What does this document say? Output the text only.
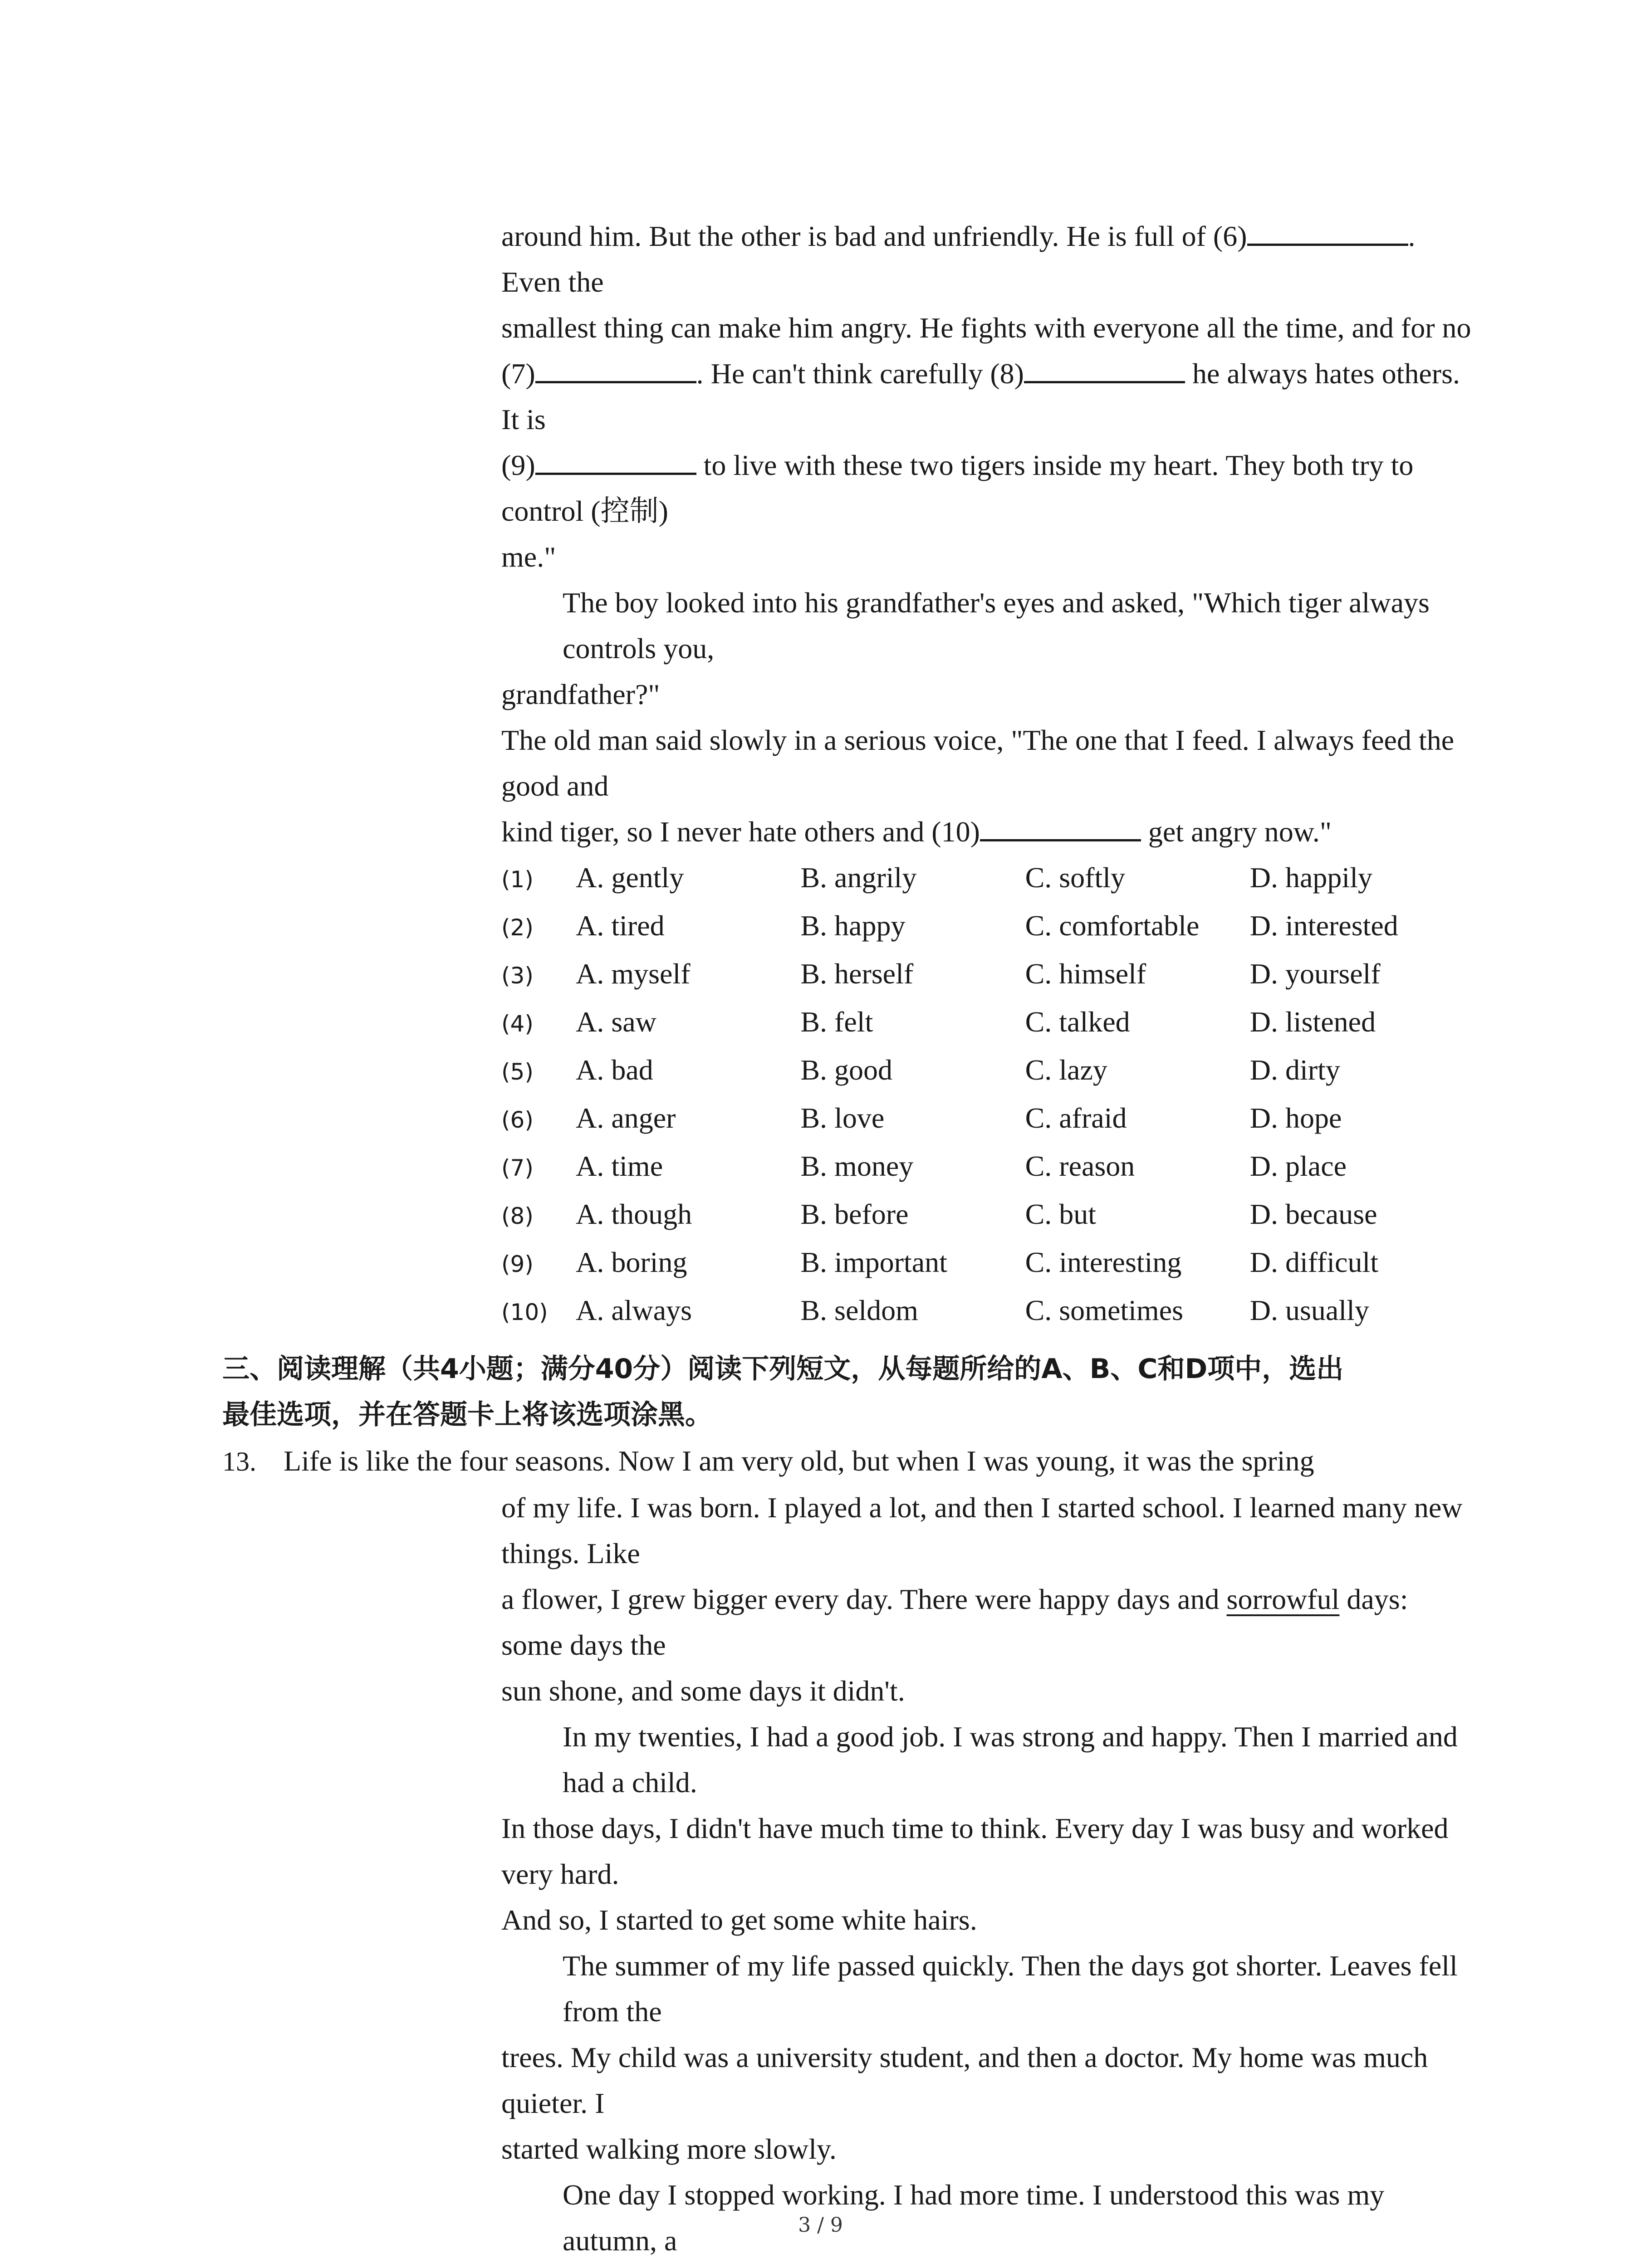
around him. But the other is bad and unfriendly. He is full of (6)	. Even the

smallest thing can make him angry. He fights with everyone all the time, and for no

(7)	. He can't think carefully (8)	he always hates others. It is

(9)	to live with these two tigers inside my heart. They both try to control (控制)

me."

The boy looked into his grandfather's eyes and asked, "Which tiger always controls you,

grandfather?"

The old man said slowly in a serious voice, "The one that I feed. I always feed the good and

kind tiger, so I never hate others and (10)	get angry now."

(1)	A. gently	B. angrily	C. softly	D. happily
(2)	A. tired	B. happy	C. comfortable	D. interested
(3)	A. myself	B. herself	C. himself	D. yourself
(4)	A. saw	B. felt	C. talked	D. listened
(5)	A. bad	B. good	C. lazy	D. dirty
(6)	A. anger	B. love	C. afraid	D. hope
(7)	A. time	B. money	C. reason	D. place
(8)	A. though	B. before	C. but	D. because
(9)	A. boring	B. important	C. interesting	D. difficult
(10) A. always	B. seldom	C. sometimes	D. usually
三、阅读理解（共4小题；满分40分）阅读下列短文，从每题所给的A、B、C和D项中，选出
最佳选项，并在答题卡上将该选项涂黑。

13. Life is like the four seasons. Now I am very old, but when I was young, it was the spring

of my life. I was born. I played a lot, and then I started school. I learned many new things. Like

a flower, I grew bigger every day. There were happy days and sorrowful days: some days the

sun shone, and some days it didn't.

In my twenties, I had a good job. I was strong and happy. Then I married and had a child.

In those days, I didn't have much time to think. Every day I was busy and worked very hard.

And so, I started to get some white hairs.

The summer of my life passed quickly. Then the days got shorter. Leaves fell from the

trees. My child was a university student, and then a doctor. My home was much quieter. I

started walking more slowly.

One day I stopped working. I had more time. I understood this was my autumn, a	3 / 9
